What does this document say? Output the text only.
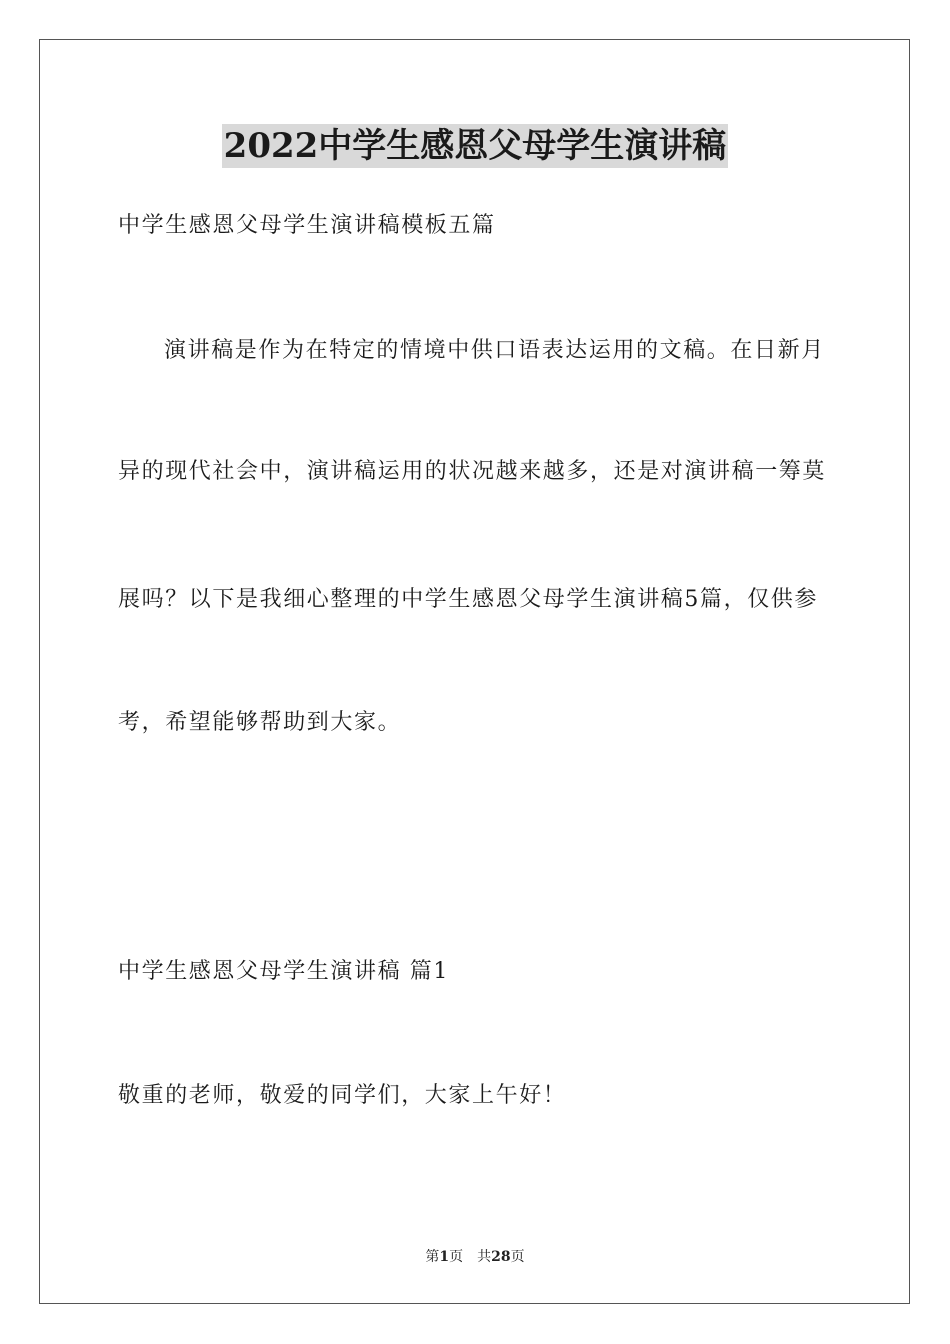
2022中学生感恩父母学生演讲稿
中学生感恩父母学生演讲稿模板五篇
演讲稿是作为在特定的情境中供口语表达运用的文稿。在日新月
异的现代社会中，演讲稿运用的状况越来越多，还是对演讲稿一筹莫
展吗？以下是我细心整理的中学生感恩父母学生演讲稿5篇，仅供参
考，希望能够帮助到大家。
中学生感恩父母学生演讲稿 篇1
敬重的老师，敬爱的同学们，大家上午好！
第1页 共28页
